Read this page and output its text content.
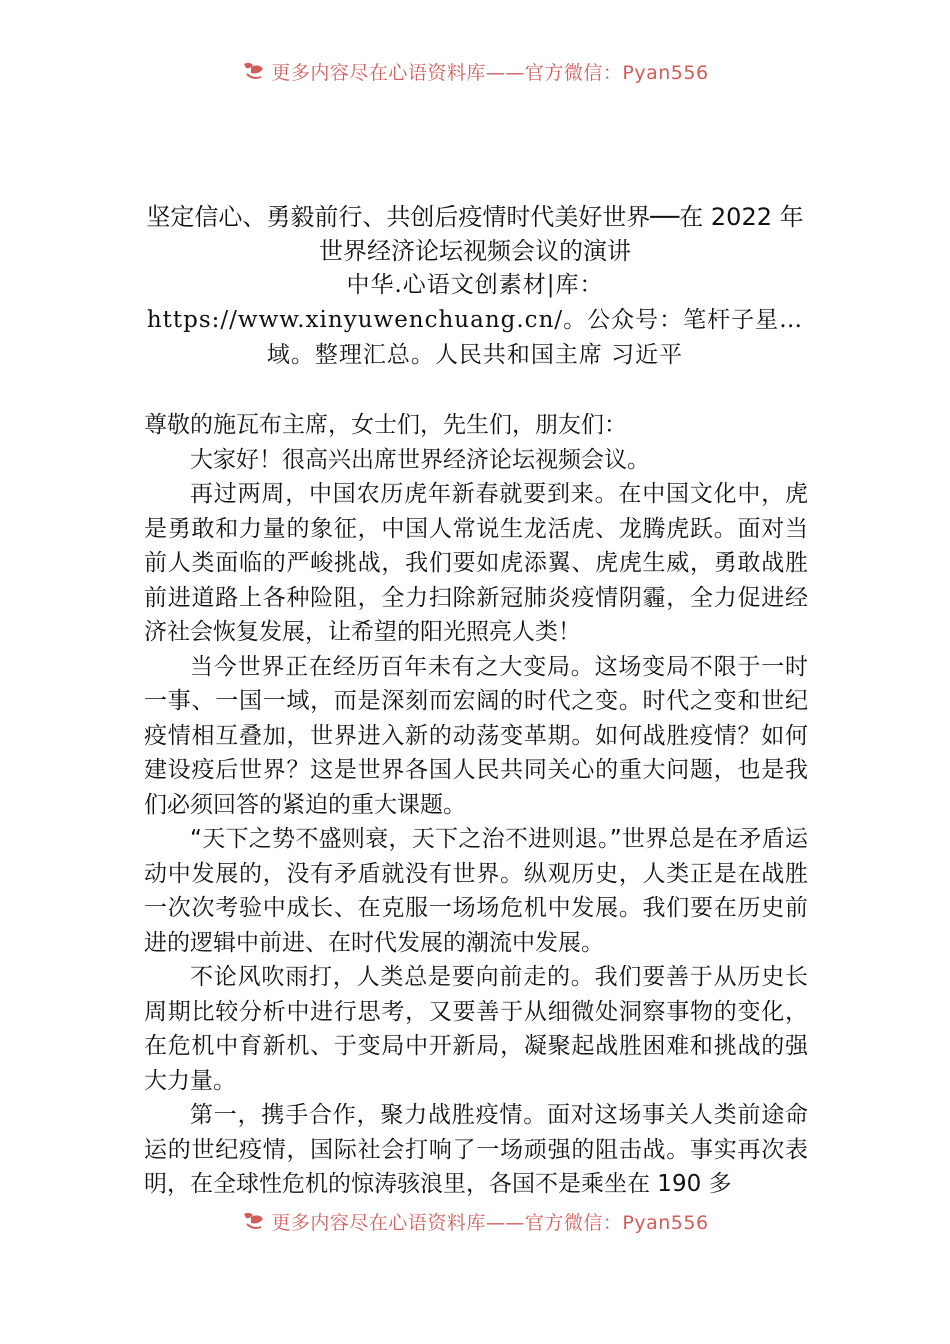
更多内容尽在心语资料库——官方微信：Pyan556

坚定信心、勇毅前行、共创后疫情时代美好世界──在 2022 年世界经济论坛视频会议的演讲

中华.心语文创素材|库：https://www.xinyuwenchuang.cn/。公众号：笔杆子星…域。整理汇总。人民共和国主席 习近平

尊敬的施瓦布主席，女士们，先生们，朋友们：

大家好！很高兴出席世界经济论坛视频会议。

再过两周，中国农历虎年新春就要到来。在中国文化中，虎是勇敢和力量的象征，中国人常说生龙活虎、龙腾虎跃。面对当前人类面临的严峻挑战，我们要如虎添翼、虎虎生威，勇敢战胜前进道路上各种险阻，全力扫除新冠肺炎疫情阴霾，全力促进经济社会恢复发展，让希望的阳光照亮人类！

当今世界正在经历百年未有之大变局。这场变局不限于一时一事、一国一域，而是深刻而宏阔的时代之变。时代之变和世纪疫情相互叠加，世界进入新的动荡变革期。如何战胜疫情？如何建设疫后世界？这是世界各国人民共同关心的重大问题，也是我们必须回答的紧迫的重大课题。

“天下之势不盛则衰，天下之治不进则退。”世界总是在矛盾运动中发展的，没有矛盾就没有世界。纵观历史，人类正是在战胜一次次考验中成长、在克服一场场危机中发展。我们要在历史前进的逻辑中前进、在时代发展的潮流中发展。

不论风吹雨打，人类总是要向前走的。我们要善于从历史长周期比较分析中进行思考，又要善于从细微处洞察事物的变化，在危机中育新机、于变局中开新局，凝聚起战胜困难和挑战的强大力量。

第一，携手合作，聚力战胜疫情。面对这场事关人类前途命运的世纪疫情，国际社会打响了一场顽强的阻击战。事实再次表明，在全球性危机的惊涛骇浪里，各国不是乘坐在 190 多

更多内容尽在心语资料库——官方微信：Pyan556
